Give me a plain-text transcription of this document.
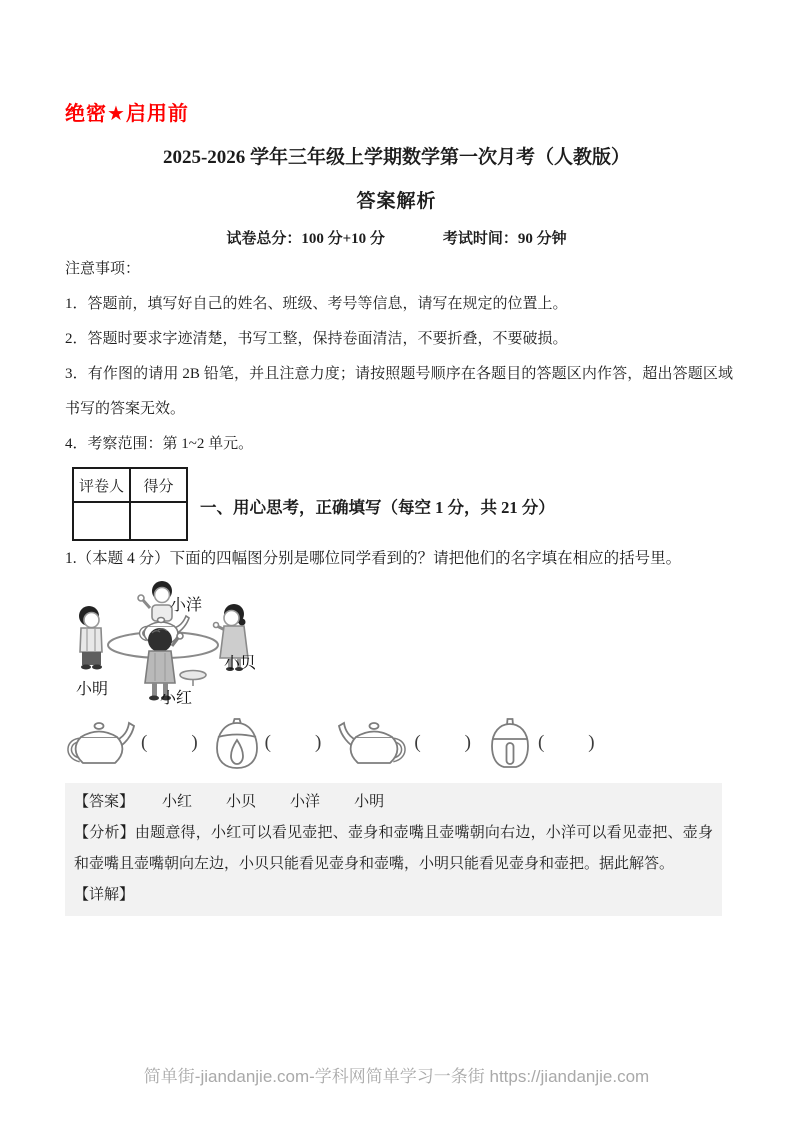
绝密★启用前
2025-2026 学年三年级上学期数学第一次月考（人教版）
答案解析
试卷总分：100 分+10 分	考试时间：90 分钟

注意事项：

1．答题前，填写好自己的姓名、班级、考号等信息，请写在规定的位置上。

2．答题时要求字迹清楚，书写工整，保持卷面清洁，不要折叠，不要破损。

3．有作图的请用 2B 铅笔，并且注意力度；请按照题号顺序在各题目的答题区内作答，超出答题区域书写的答案无效。

4．考察范围：第 1~2 单元。

评卷人	得分

一、用心思考，正确填写（每空 1 分，共 21 分）

1.（本题 4 分）下面的四幅图分别是哪位同学看到的？请把他们的名字填在相应的括号里。

小洋
小明
小贝
小红
( )	( )	( )	( )
【答案】 小红 小贝 小洋 小明

【分析】由题意得，小红可以看见壶把、壶身和壶嘴且壶嘴朝向右边，小洋可以看见壶把、壶身和壶嘴且壶嘴朝向左边，小贝只能看见壶身和壶嘴，小明只能看见壶身和壶把。据此解答。

【详解】
简单街-jiandanjie.com-学科网简单学习一条街 https://jiandanjie.com
